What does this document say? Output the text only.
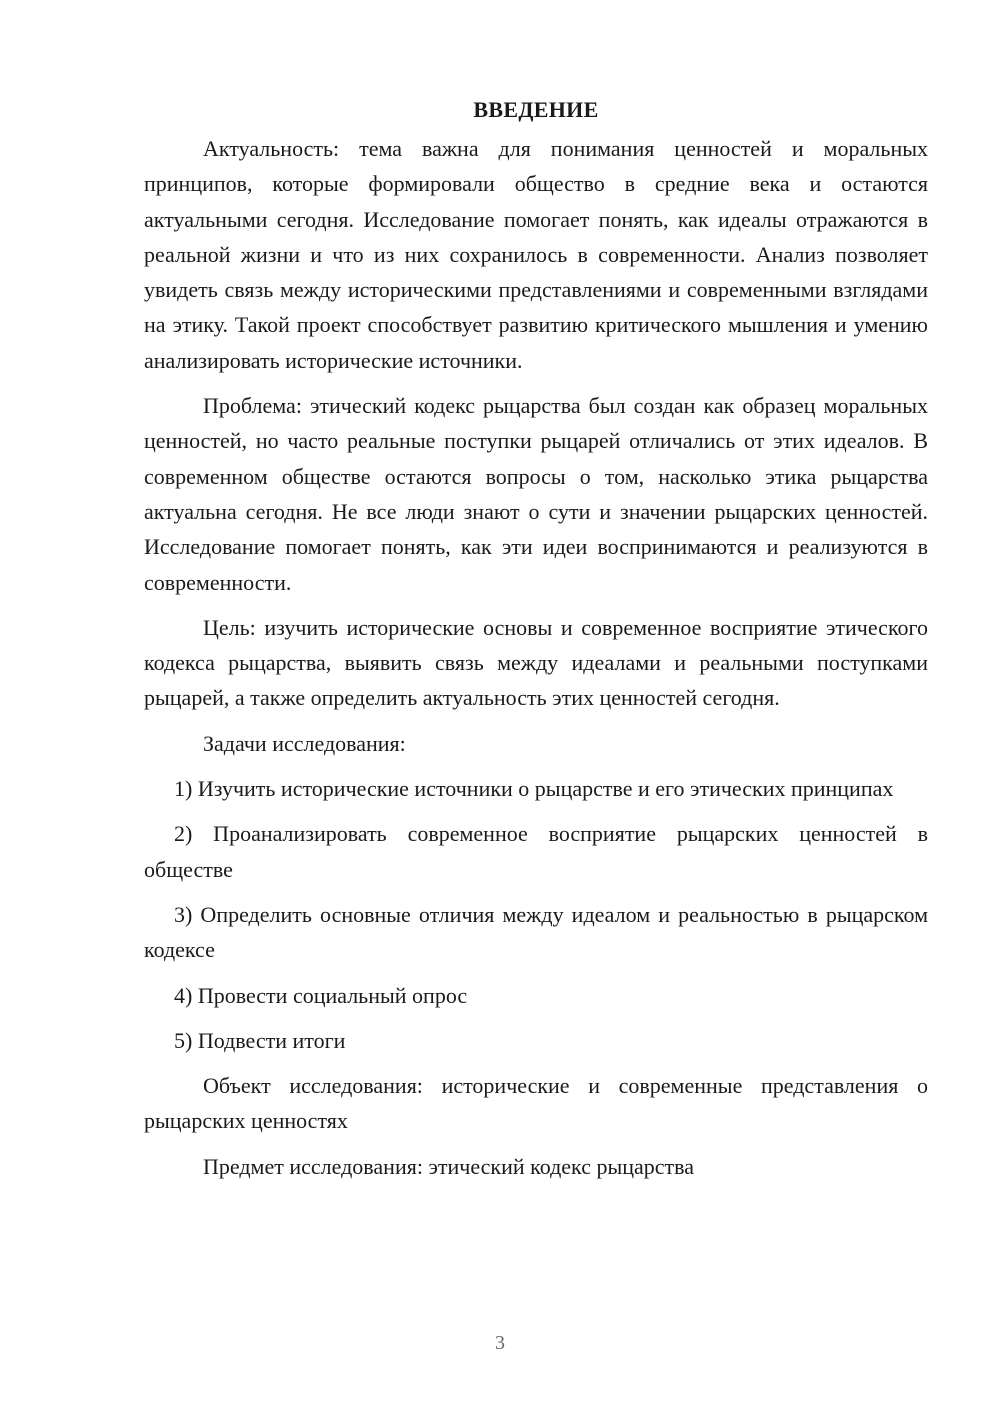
ВВЕДЕНИЕ

Актуальность: тема важна для понимания ценностей и моральных принципов, которые формировали общество в средние века и остаются актуальными сегодня. Исследование помогает понять, как идеалы отражаются в реальной жизни и что из них сохранилось в современности. Анализ позволяет увидеть связь между историческими представлениями и современными взглядами на этику. Такой проект способствует развитию критического мышления и умению анализировать исторические источники.

Проблема: этический кодекс рыцарства был создан как образец моральных ценностей, но часто реальные поступки рыцарей отличались от этих идеалов. В современном обществе остаются вопросы о том, насколько этика рыцарства актуальна сегодня. Не все люди знают о сути и значении рыцарских ценностей. Исследование помогает понять, как эти идеи воспринимаются и реализуются в современности.

Цель: изучить исторические основы и современное восприятие этического кодекса рыцарства, выявить связь между идеалами и реальными поступками рыцарей, а также определить актуальность этих ценностей сегодня.

Задачи исследования:

1) Изучить исторические источники о рыцарстве и его этических принципах

2) Проанализировать современное восприятие рыцарских ценностей в обществе

3) Определить основные отличия между идеалом и реальностью в рыцарском кодексе

4) Провести социальный опрос

5) Подвести итоги

Объект исследования: исторические и современные представления о рыцарских ценностях

Предмет исследования: этический кодекс рыцарства

3
